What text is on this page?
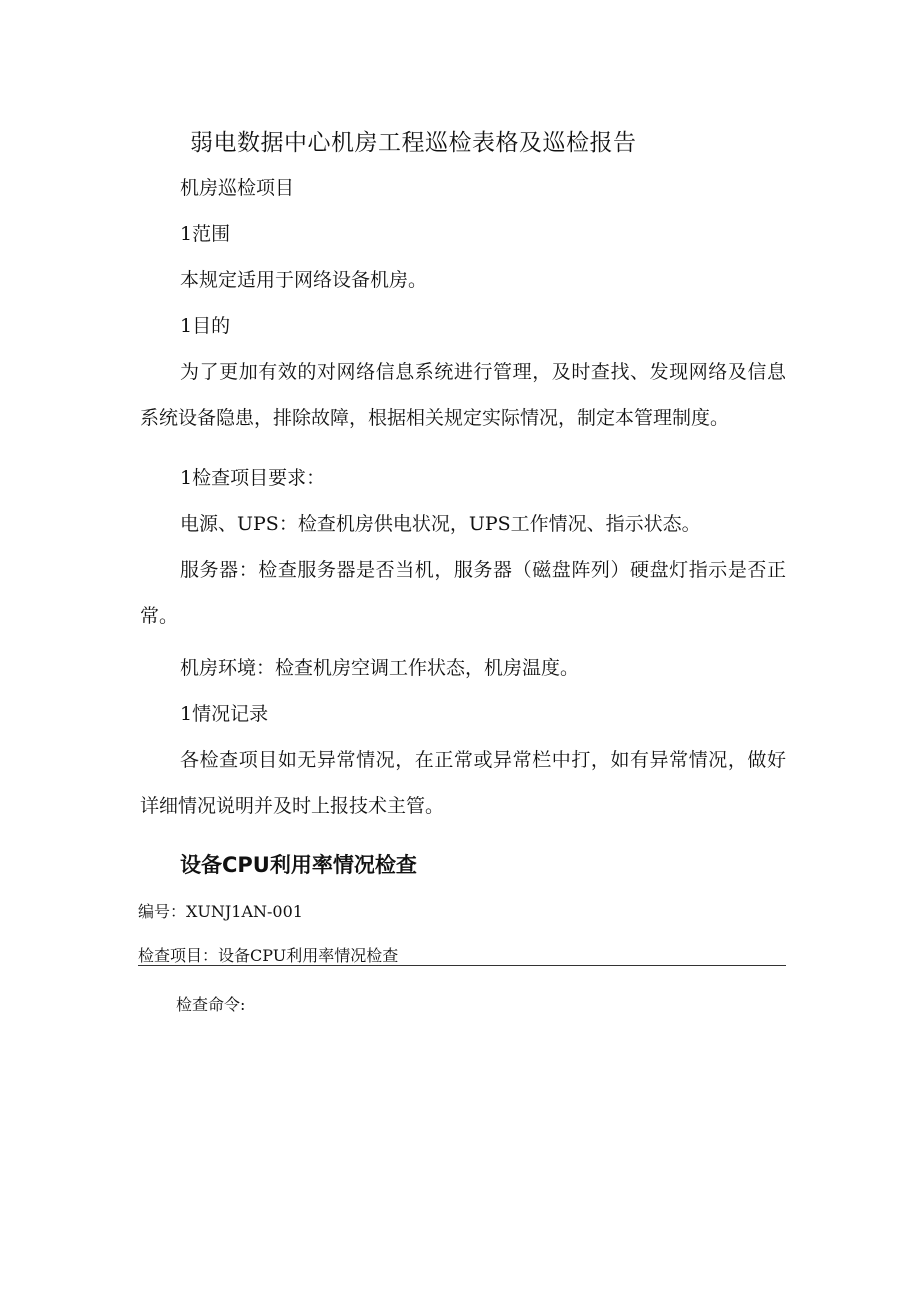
弱电数据中心机房工程巡检表格及巡检报告
机房巡检项目
1范围
本规定适用于网络设备机房。
1目的
为了更加有效的对网络信息系统进行管理，及时查找、发现网络及信息系统设备隐患，排除故障，根据相关规定实际情况，制定本管理制度。
1检查项目要求：
电源、UPS：检查机房供电状况，UPS工作情况、指示状态。
服务器：检查服务器是否当机，服务器（磁盘阵列）硬盘灯指示是否正常。
机房环境：检查机房空调工作状态，机房温度。
1情况记录
各检查项目如无异常情况，在正常或异常栏中打，如有异常情况，做好详细情况说明并及时上报技术主管。
设备CPU利用率情况检查
编号：XUNJ1AN-001
检查项目：设备CPU利用率情况检查
检查命令:
